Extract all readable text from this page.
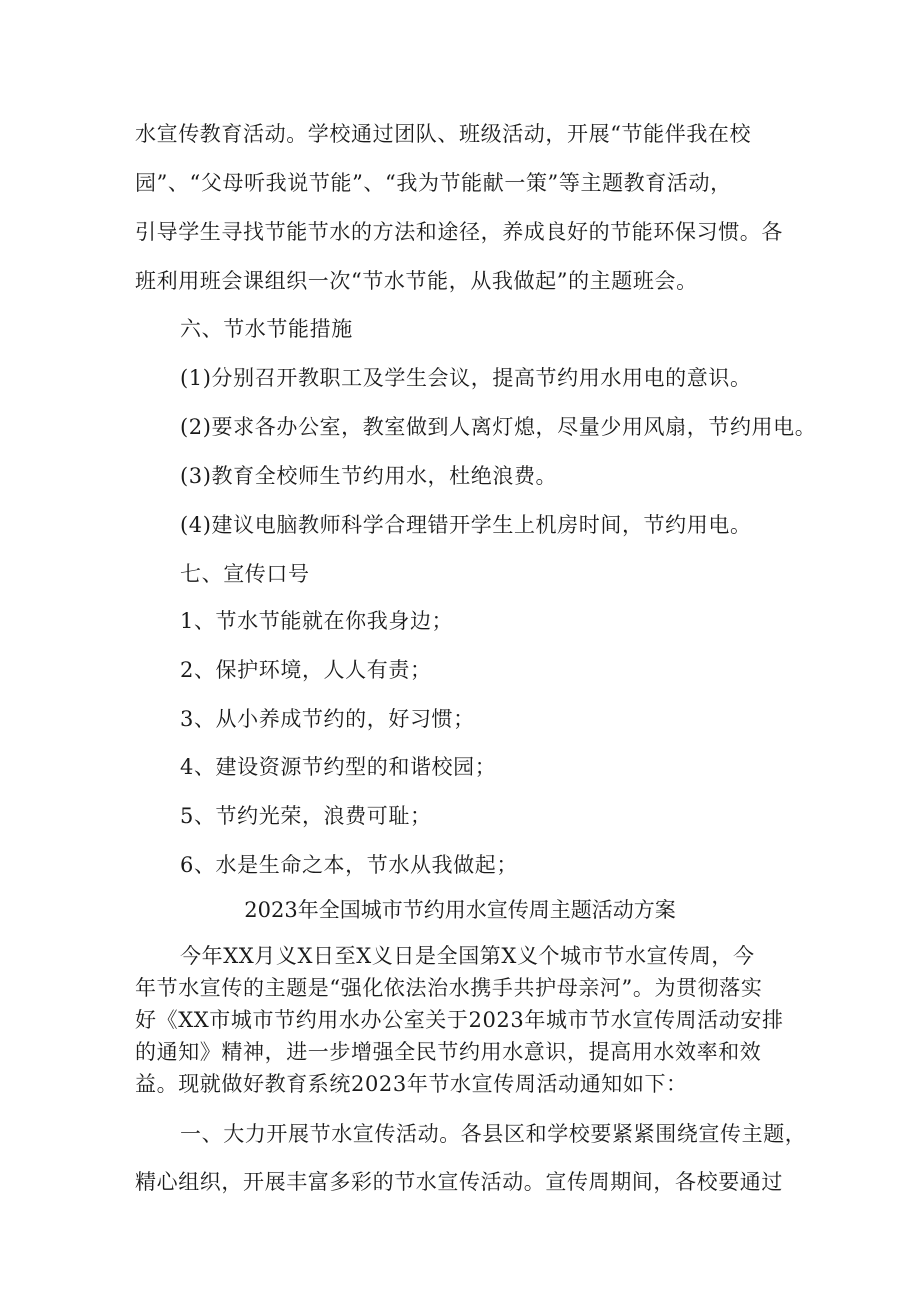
水宣传教育活动。学校通过团队、班级活动，开展“节能伴我在校
园”、“父母听我说节能”、“我为节能献一策”等主题教育活动，
引导学生寻找节能节水的方法和途径，养成良好的节能环保习惯。各
班利用班会课组织一次“节水节能，从我做起”的主题班会。
六、节水节能措施
(1)分别召开教职工及学生会议，提高节约用水用电的意识。
(2)要求各办公室，教室做到人离灯熄，尽量少用风扇，节约用电。
(3)教育全校师生节约用水，杜绝浪费。
(4)建议电脑教师科学合理错开学生上机房时间，节约用电。
七、宣传口号
1、节水节能就在你我身边；
2、保护环境，人人有责；
3、从小养成节约的，好习惯；
4、建设资源节约型的和谐校园；
5、节约光荣，浪费可耻；
6、水是生命之本，节水从我做起；
2023年全国城市节约用水宣传周主题活动方案
今年XX月义X日至X义日是全国第X义个城市节水宣传周，今
年节水宣传的主题是“强化依法治水携手共护母亲河”。为贯彻落实
好《XX市城市节约用水办公室关于2023年城市节水宣传周活动安排
的通知》精神，进一步增强全民节约用水意识，提高用水效率和效
益。现就做好教育系统2023年节水宣传周活动通知如下：
一、大力开展节水宣传活动。各县区和学校要紧紧围绕宣传主题，
精心组织，开展丰富多彩的节水宣传活动。宣传周期间，各校要通过
